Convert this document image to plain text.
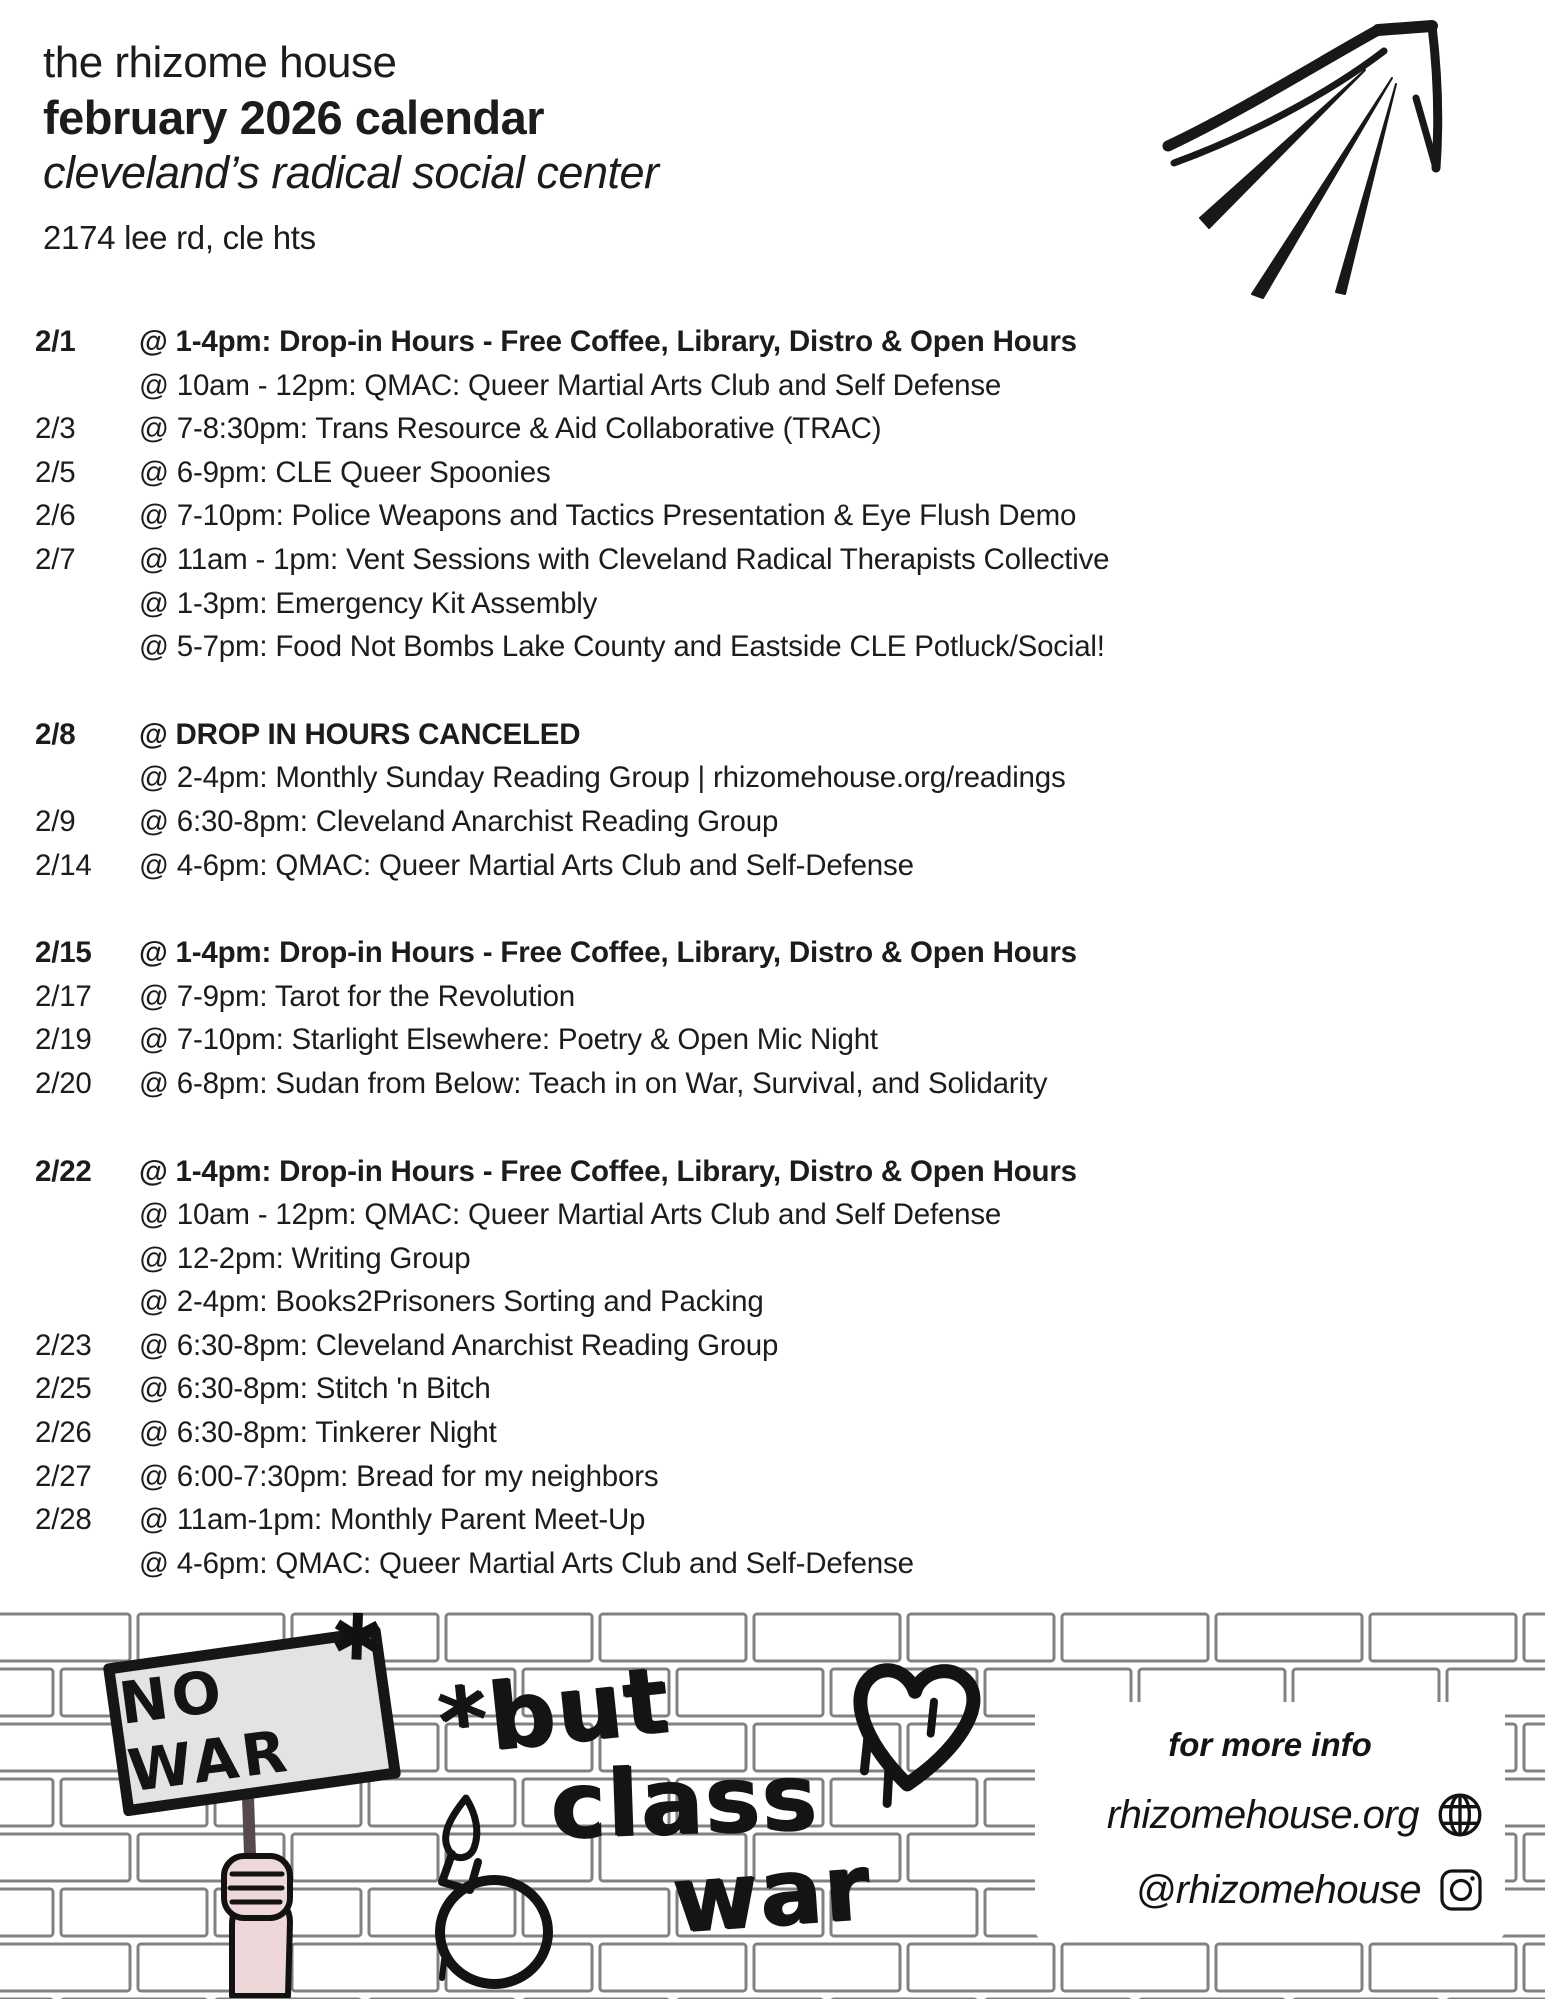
the rhizome house
february 2026 calendar
cleveland’s radical social center
2174 lee rd, cle hts
2/1	@ 1-4pm: Drop-in Hours - Free Coffee, Library, Distro & Open Hours
@ 10am - 12pm: QMAC: Queer Martial Arts Club and Self Defense
2/3	@ 7-8:30pm: Trans Resource & Aid Collaborative (TRAC)
2/5	@ 6-9pm: CLE Queer Spoonies
2/6	@ 7-10pm: Police Weapons and Tactics Presentation & Eye Flush Demo
2/7	@ 11am - 1pm: Vent Sessions with Cleveland Radical Therapists Collective
@ 1-3pm: Emergency Kit Assembly
@ 5-7pm: Food Not Bombs Lake County and Eastside CLE Potluck/Social!
2/8	@ DROP IN HOURS CANCELED
@ 2-4pm: Monthly Sunday Reading Group | rhizomehouse.org/readings
2/9	@ 6:30-8pm: Cleveland Anarchist Reading Group
2/14	@ 4-6pm: QMAC: Queer Martial Arts Club and Self-Defense
2/15	@ 1-4pm: Drop-in Hours - Free Coffee, Library, Distro & Open Hours
2/17	@ 7-9pm: Tarot for the Revolution
2/19	@ 7-10pm: Starlight Elsewhere: Poetry & Open Mic Night
2/20	@ 6-8pm: Sudan from Below: Teach in on War, Survival, and Solidarity
2/22	@ 1-4pm: Drop-in Hours - Free Coffee, Library, Distro & Open Hours
@ 10am - 12pm: QMAC: Queer Martial Arts Club and Self Defense
@ 12-2pm: Writing Group
@ 2-4pm: Books2Prisoners Sorting and Packing
2/23	@ 6:30-8pm: Cleveland Anarchist Reading Group
2/25	@ 6:30-8pm: Stitch 'n Bitch
2/26	@ 6:30-8pm: Tinkerer Night
2/27	@ 6:00-7:30pm: Bread for my neighbors
2/28	@ 11am-1pm: Monthly Parent Meet-Up
@ 4-6pm: QMAC: Queer Martial Arts Club and Self-Defense
NO WAR
✱
*but
class
war
for more info
rhizomehouse.org
@rhizomehouse
